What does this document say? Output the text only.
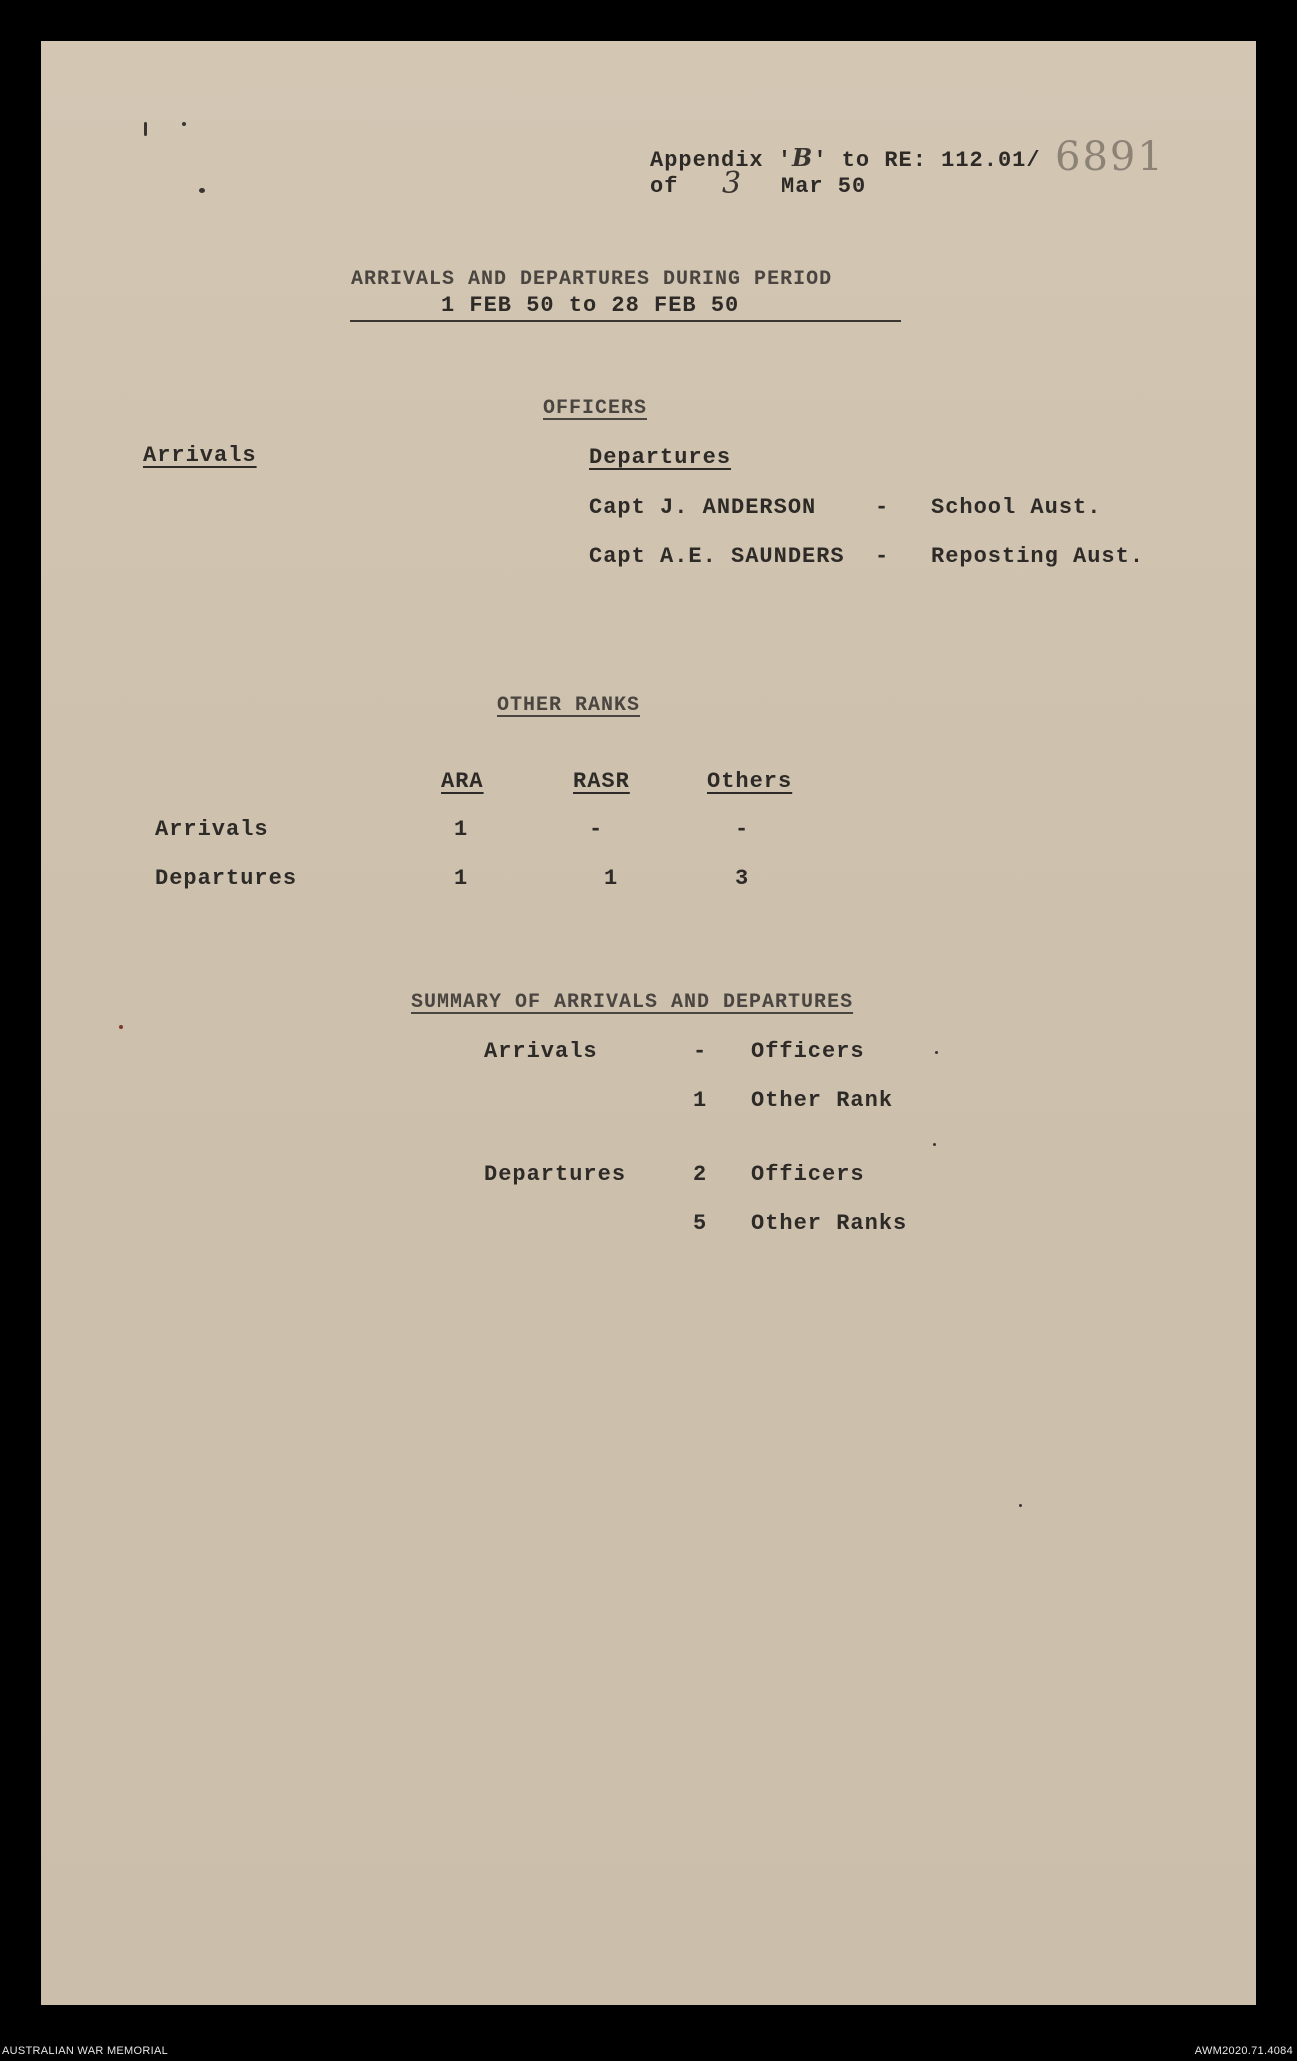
Appendix 'B' to RE: 112.01/ 6891
of 3 Mar 50
ARRIVALS AND DEPARTURES DURING PERIOD
1 FEB 50 to 28 FEB 50
OFFICERS
Arrivals	Departures
Capt J. ANDERSON	- School Aust.
Capt A.E. SAUNDERS - Reposting Aust.
OTHER RANKS
ARA	RASR	Others
Arrivals	1	-	-
Departures	1	1	3
SUMMARY OF ARRIVALS AND DEPARTURES
Arrivals	- Officers
1 Other Rank
Departures	2 Officers
5 Other Ranks
AUSTRALIAN WAR MEMORIAL	AWM2020.71.4084
